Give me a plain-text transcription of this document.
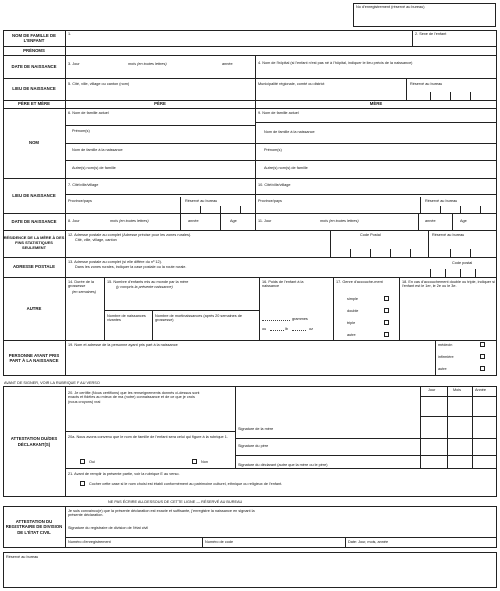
No d'enregistrement (réservé au bureau)
NOM DE FAMILLE DE L'ENFANT
1.	2. Sexe de l'enfant
PRÉNOMS
DATE DE NAISSANCE	3. Jour	mois (en toutes lettres)	année	4. Nom de l'hôpital (si l'enfant n'est pas né à l'hôpital, indiquer le lieu précis de la naissance)
LIEU DE NAISSANCE
5. Cité, ville, village ou canton (nom)	Municipalité régionale, comté ou district	Réservé au bureau
PÈRE ET MÈRE	PÈRE	MÈRE
NOM
6. Nom de famille actuel
Prénom(s)
Nom de famille à la naissance
Autre(s) nom(s) de famille
9. Nom de famille actuel
Nom de famille à la naissance
Prénom(s)
Autre(s) nom(s) de famille
LIEU DE NAISSANCE
7. Cité/ville/village
Province/pays	Réservé au bureau
10. Cité/ville/village
Province/pays	Réservé au bureau
DATE DE NAISSANCE	8. Jour	mois (en toutes lettres)	année	Age	11. Jour	mois (en toutes lettres)	année	Age
RÉSIDENCE DE LA MÈRE À DES FINS STATISTIQUES SEULEMENT
12. Adresse postale au complet (Adresse précise pour les zones rurales).
Cité, ville, village, canton
Code Postal	Réservé au bureau
ADRESSE POSTALE
13. Adresse postale au complet (si elle diffère du nº 12).
Dans les zones rurales, indiquer la case postale ou la route rurale.
Code postal
AUTRE
14. Durée de la grossesse
(en semaines)
15. Nombre d'enfants mis au monde par la mère
(y compris la présente naissance)
Nombre de naissances vivantes
Nombre de mortinaissances (après 20 semaines de grossesse)
16. Poids de l'enfant à la naissance
grammes
ou	lb	oz
17. Genre d'accouche-ment
simple
double
triple
autre
18. En cas d'accouchement double ou triple, indiquer si l'enfant est le 1er, le 2e ou le 3e.
PERSONNE AYANT PRIS PART À LA NAISSANCE
19. Nom et adresse de la personne ayant pris part à la naissance	médecin
infirmière
autre
AVANT DE SIGNER, VOIR LA RUBRIQUE F AU VERSO
ATTESTATION DU/DES DÉCLARANT(S)
Jour	Mois	Année
20. Je certifie (Nous certifions) que les renseignements donnés ci-dessus sont exacts et fidèles au mieux de ma (notre) connaissance et de ce que je crois (nous croyons) vrai
Signature de la mère
20a. Nous avons convenu que le nom de famille de l'enfant sera celui qui figure à la rubrique 1.
Signature du père
Oui	Non
Signature du déclarant (autre que la mère ou le père)
21. Avant de remplir la présente partie, voir la rubrique E au verso.
Cocher cette case si le nom choisi est établi conformément au patrimoine culturel, ethnique ou religieux de l'enfant.
NE PAS ÉCRIRE AU-DESSOUS DE CETTE LIGNE — RÉSERVÉ AU BUREAU
ATTESTATION DU REGISTRAIRE DE DIVISION DE L'ÉTAT CIVIL
Je suis convaincu(e) que la présente déclaration est exacte et suffisante, j'enregistre la naissance en signant la présente déclaration.
Signature du registraire de division de l'état civil
Numéro d'enregistrement	Numéro de code	Date: Jour, mois, année
Réservé au bureau
